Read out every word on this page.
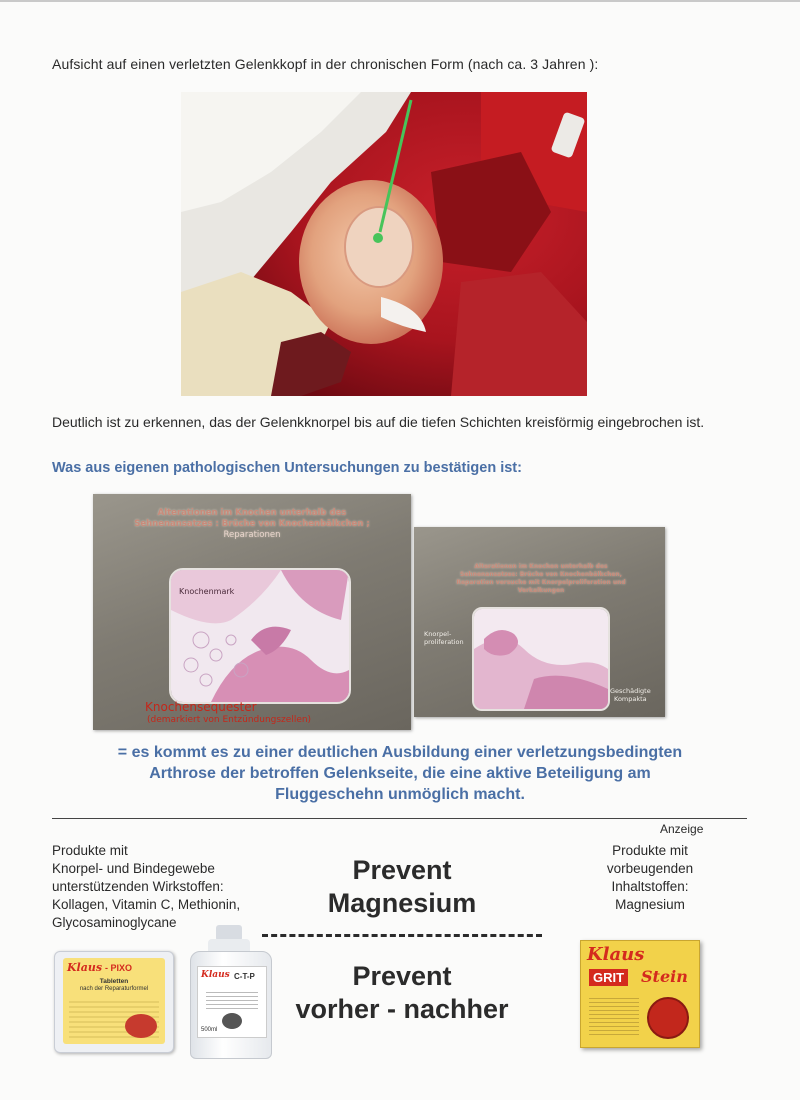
Aufsicht auf einen verletzten Gelenkkopf in der chronischen Form (nach ca. 3 Jahren ):
Deutlich ist zu erkennen, das der Gelenkknorpel bis auf die tiefen Schichten kreisförmig eingebrochen ist.
Was aus eigenen pathologischen Untersuchungen zu bestätigen ist:
Alterationen im Knochen unterhalb des
Sehnenansatzes : Brüche von Knochenbälkchen ;
Reparationen
Knochenmark
Knochensequester
(demarkiert von Entzündungszellen)
Alterationen im Knochen unterhalb des
Sehnenansatzes: Brüche von Knochenbälkchen,
Reparation versuche mit Knorpelproliferation und
Verkalkungen
Knorpel-
proliferation
Geschädigte
Kompakta
= es kommt es zu einer deutlichen Ausbildung einer verletzungsbedingten
Arthrose der betroffen Gelenkseite, die eine aktive Beteiligung am
Fluggeschehn unmöglich macht.
Anzeige
Produkte mit
Knorpel- und Bindegewebe
unterstützenden Wirkstoffen:
Kollagen, Vitamin C, Methionin,
Glycosaminoglycane
Prevent
Magnesium
Prevent
vorher - nachher
Produkte mit
vorbeugenden
Inhaltstoffen:
Magnesium
Klaus - PIXO
Tabletten
nach der Reparaturformel
Klaus C-T-P
500ml
Klaus
GRIT Stein
